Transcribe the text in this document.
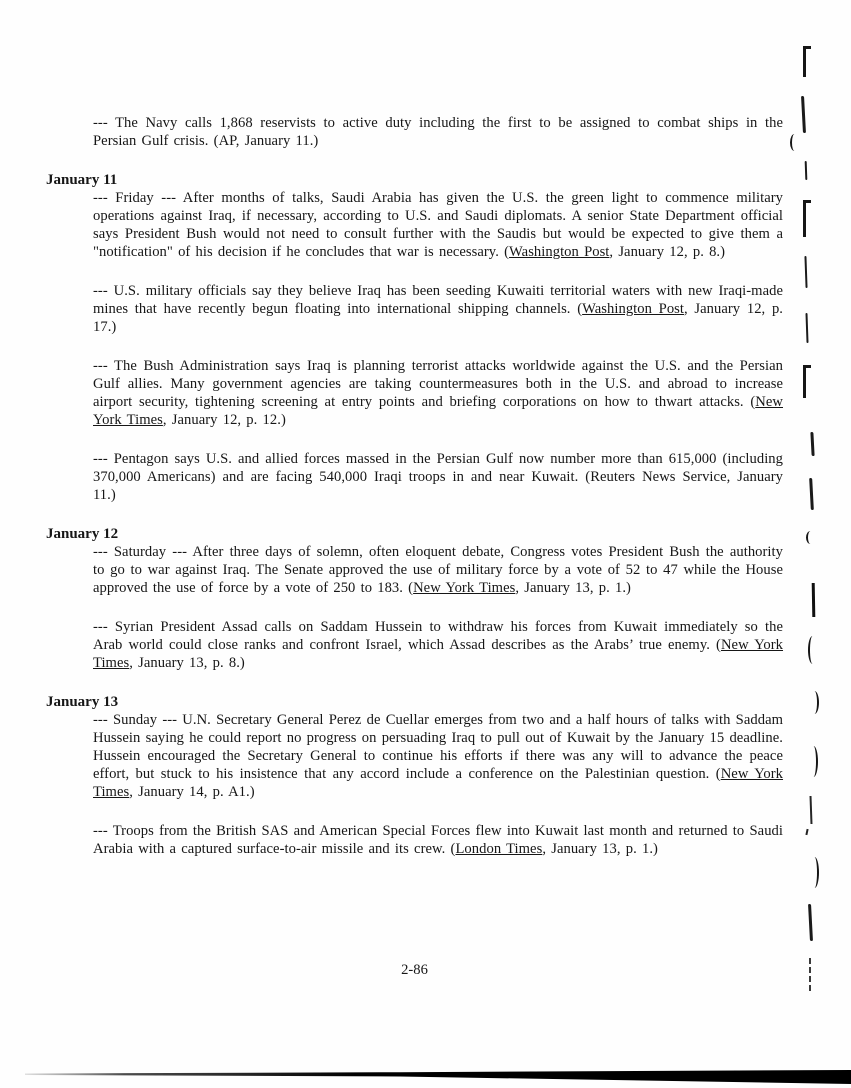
--- The Navy calls 1,868 reservists to active duty including the first to be assigned to combat ships in the Persian Gulf crisis. (AP, January 11.)

January 11

--- Friday --- After months of talks, Saudi Arabia has given the U.S. the green light to commence military operations against Iraq, if necessary, according to U.S. and Saudi diplomats. A senior State Department official says President Bush would not need to consult further with the Saudis but would be expected to give them a "notification" of his decision if he concludes that war is necessary. (Washington Post, January 12, p. 8.)

--- U.S. military officials say they believe Iraq has been seeding Kuwaiti territorial waters with new Iraqi-made mines that have recently begun floating into international shipping channels. (Washington Post, January 12, p. 17.)

--- The Bush Administration says Iraq is planning terrorist attacks worldwide against the U.S. and the Persian Gulf allies. Many government agencies are taking countermeasures both in the U.S. and abroad to increase airport security, tightening screening at entry points and briefing corporations on how to thwart attacks. (New York Times, January 12, p. 12.)

--- Pentagon says U.S. and allied forces massed in the Persian Gulf now number more than 615,000 (including 370,000 Americans) and are facing 540,000 Iraqi troops in and near Kuwait. (Reuters News Service, January 11.)

January 12

--- Saturday --- After three days of solemn, often eloquent debate, Congress votes President Bush the authority to go to war against Iraq. The Senate approved the use of military force by a vote of 52 to 47 while the House approved the use of force by a vote of 250 to 183. (New York Times, January 13, p. 1.)

--- Syrian President Assad calls on Saddam Hussein to withdraw his forces from Kuwait immediately so the Arab world could close ranks and confront Israel, which Assad describes as the Arabs’ true enemy. (New York Times, January 13, p. 8.)

January 13

--- Sunday --- U.N. Secretary General Perez de Cuellar emerges from two and a half hours of talks with Saddam Hussein saying he could report no progress on persuading Iraq to pull out of Kuwait by the January 15 deadline. Hussein encouraged the Secretary General to continue his efforts if there was any will to advance the peace effort, but stuck to his insistence that any accord include a conference on the Palestinian question. (New York Times, January 14, p. A1.)

--- Troops from the British SAS and American Special Forces flew into Kuwait last month and returned to Saudi Arabia with a captured surface-to-air missile and its crew. (London Times, January 13, p. 1.)

2-86
